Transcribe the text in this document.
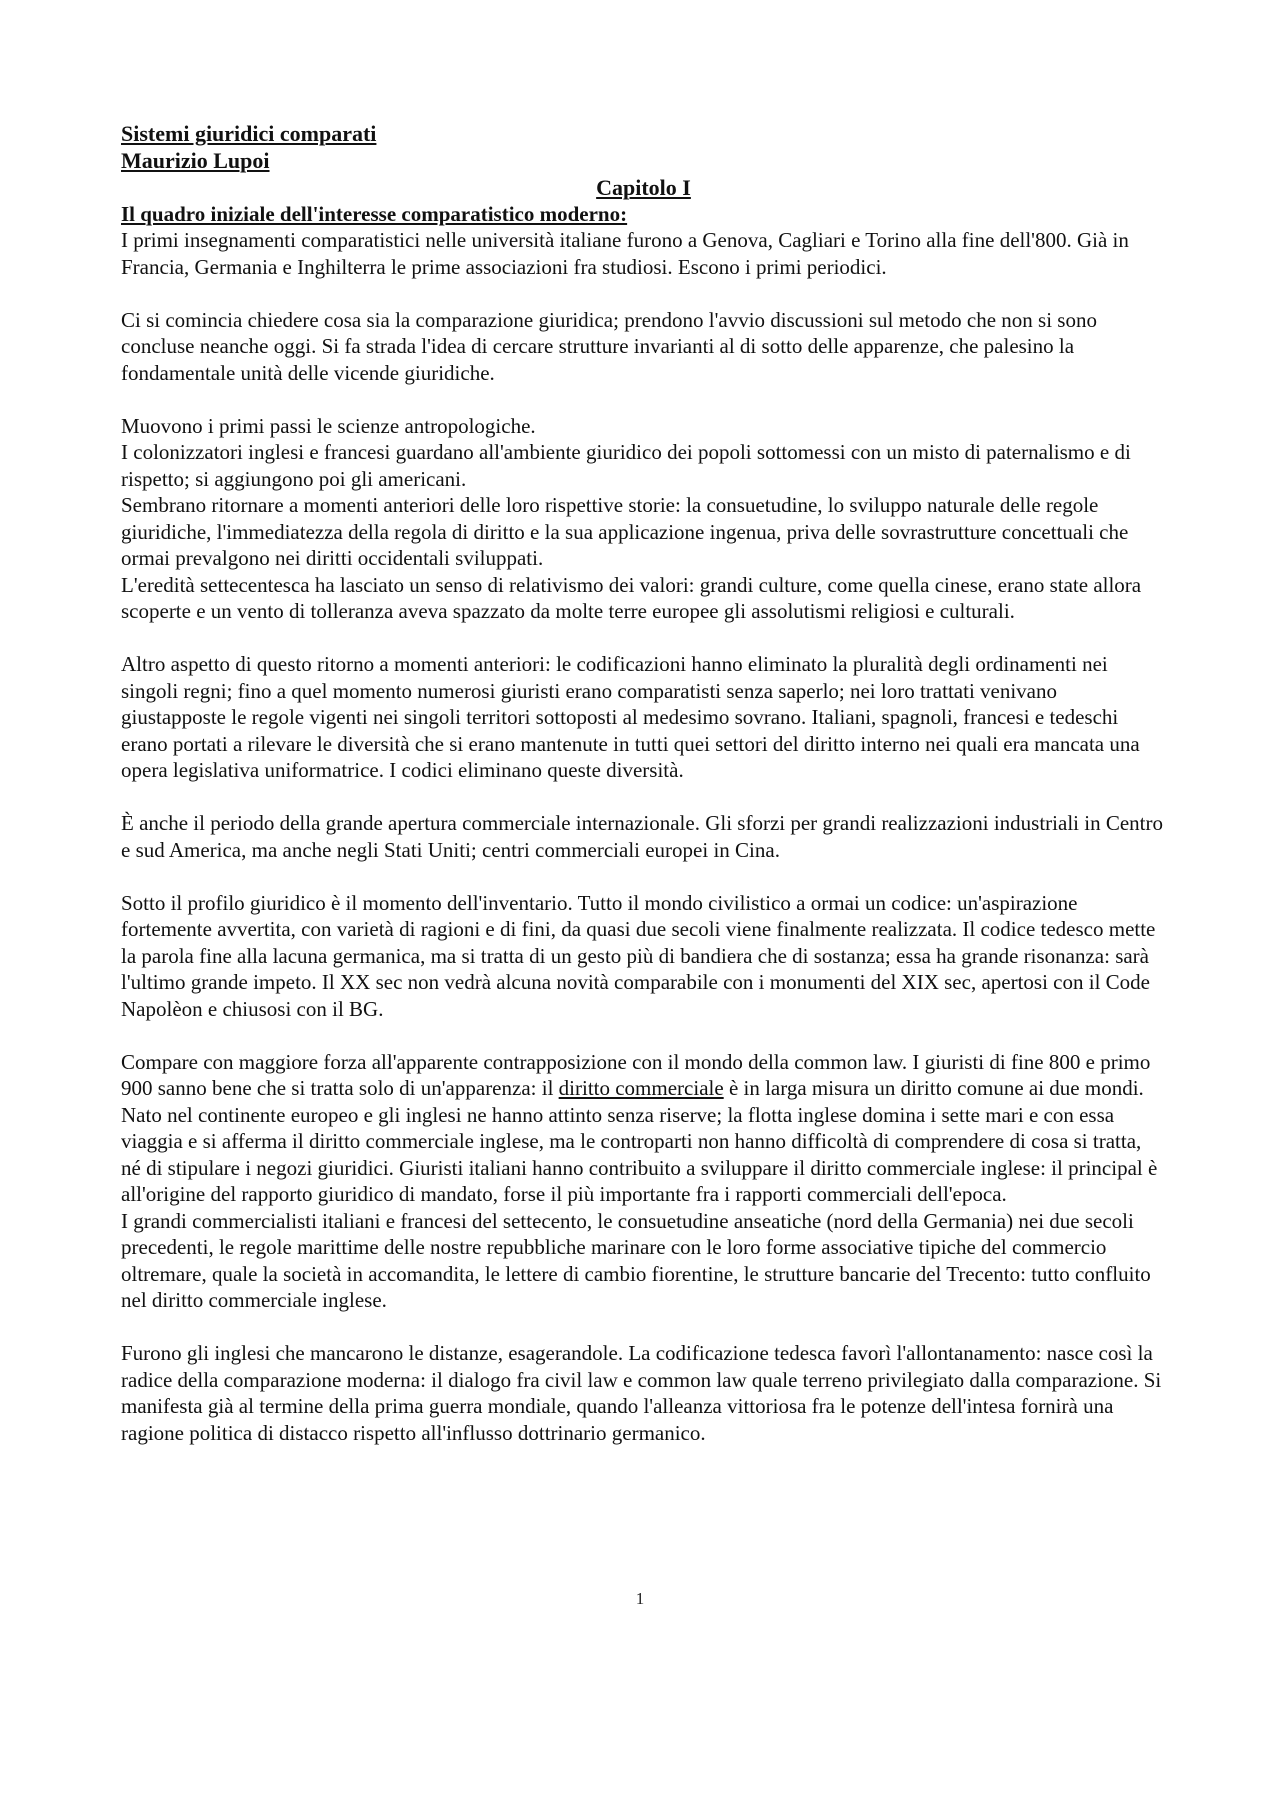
Sistemi giuridici comparati
Maurizio Lupoi
Capitolo I
Il quadro iniziale dell'interesse comparatistico moderno:

I primi insegnamenti comparatistici nelle università italiane furono a Genova, Cagliari e Torino alla fine dell'800. Già in Francia, Germania e Inghilterra le prime associazioni fra studiosi. Escono i primi periodici.

Ci si comincia chiedere cosa sia la comparazione giuridica; prendono l'avvio discussioni sul metodo che non si sono concluse neanche oggi. Si fa strada l'idea di cercare strutture invarianti al di sotto delle apparenze, che palesino la fondamentale unità delle vicende giuridiche.

Muovono i primi passi le scienze antropologiche.

I colonizzatori inglesi e francesi guardano all'ambiente giuridico dei popoli sottomessi con un misto di paternalismo e di rispetto; si aggiungono poi gli americani.

Sembrano ritornare a momenti anteriori delle loro rispettive storie: la consuetudine, lo sviluppo naturale delle regole giuridiche, l'immediatezza della regola di diritto e la sua applicazione ingenua, priva delle sovrastrutture concettuali che ormai prevalgono nei diritti occidentali sviluppati.

L'eredità settecentesca ha lasciato un senso di relativismo dei valori: grandi culture, come quella cinese, erano state allora scoperte e un vento di tolleranza aveva spazzato da molte terre europee gli assolutismi religiosi e culturali.

Altro aspetto di questo ritorno a momenti anteriori: le codificazioni hanno eliminato la pluralità degli ordinamenti nei singoli regni; fino a quel momento numerosi giuristi erano comparatisti senza saperlo; nei loro trattati venivano giustapposte le regole vigenti nei singoli territori sottoposti al medesimo sovrano. Italiani, spagnoli, francesi e tedeschi erano portati a rilevare le diversità che si erano mantenute in tutti quei settori del diritto interno nei quali era mancata una opera legislativa uniformatrice. I codici eliminano queste diversità.

È anche il periodo della grande apertura commerciale internazionale. Gli sforzi per grandi realizzazioni industriali in Centro e sud America, ma anche negli Stati Uniti; centri commerciali europei in Cina.

Sotto il profilo giuridico è il momento dell'inventario. Tutto il mondo civilistico a ormai un codice: un'aspirazione fortemente avvertita, con varietà di ragioni e di fini, da quasi due secoli viene finalmente realizzata. Il codice tedesco mette la parola fine alla lacuna germanica, ma si tratta di un gesto più di bandiera che di sostanza; essa ha grande risonanza: sarà l'ultimo grande impeto. Il XX sec non vedrà alcuna novità comparabile con i monumenti del XIX sec, apertosi con il Code Napolèon e chiusosi con il BG.

Compare con maggiore forza all'apparente contrapposizione con il mondo della common law. I giuristi di fine 800 e primo 900 sanno bene che si tratta solo di un'apparenza: il diritto commerciale è in larga misura un diritto comune ai due mondi. Nato nel continente europeo e gli inglesi ne hanno attinto senza riserve; la flotta inglese domina i sette mari e con essa viaggia e si afferma il diritto commerciale inglese, ma le controparti non hanno difficoltà di comprendere di cosa si tratta, né di stipulare i negozi giuridici. Giuristi italiani hanno contribuito a sviluppare il diritto commerciale inglese: il principal è all'origine del rapporto giuridico di mandato, forse il più importante fra i rapporti commerciali dell'epoca.

I grandi commercialisti italiani e francesi del settecento, le consuetudine anseatiche (nord della Germania) nei due secoli precedenti, le regole marittime delle nostre repubbliche marinare con le loro forme associative tipiche del commercio oltremare, quale la società in accomandita, le lettere di cambio fiorentine, le strutture bancarie del Trecento: tutto confluito nel diritto commerciale inglese.

Furono gli inglesi che mancarono le distanze, esagerandole. La codificazione tedesca favorì l'allontanamento: nasce così la radice della comparazione moderna: il dialogo fra civil law e common law quale terreno privilegiato dalla comparazione. Si manifesta già al termine della prima guerra mondiale, quando l'alleanza vittoriosa fra le potenze dell'intesa fornirà una ragione politica di distacco rispetto all'influsso dottrinario germanico.

1
